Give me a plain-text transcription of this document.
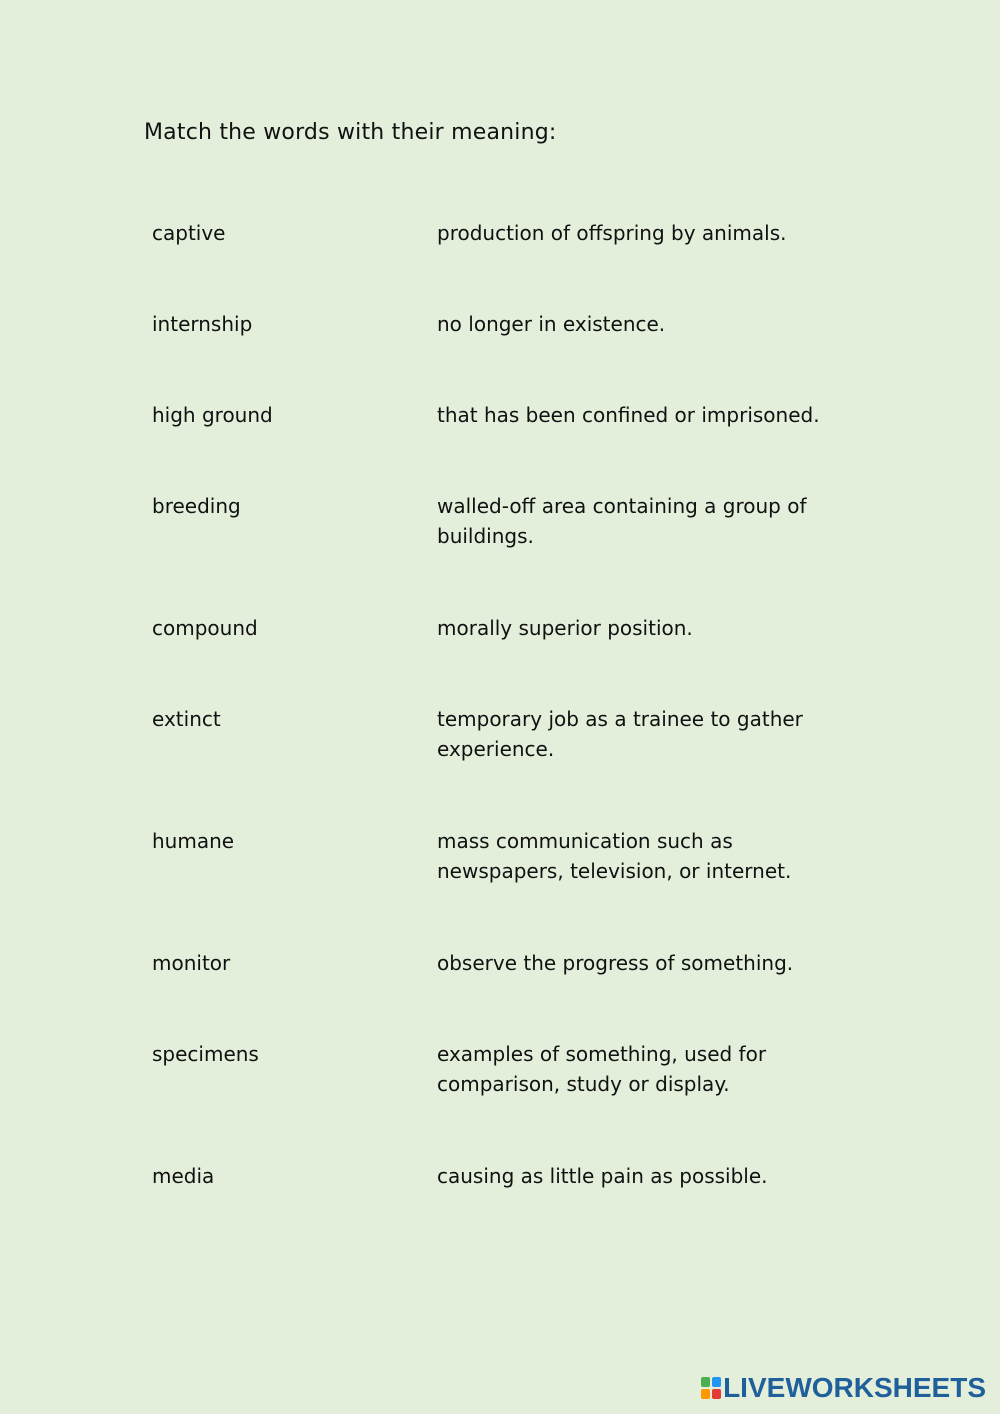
Match the words with their meaning:
captive	production of offspring by animals.
internship	no longer in existence.
high ground	that has been confined or imprisoned.
breeding	walled-off area containing a group of buildings.
compound	morally superior position.
extinct	temporary job as a trainee to gather experience.
humane	mass communication such as newspapers, television, or internet.
monitor	observe the progress of something.
specimens	examples of something, used for comparison, study or display.
media	causing as little pain as possible.
LIVEWORKSHEETS
